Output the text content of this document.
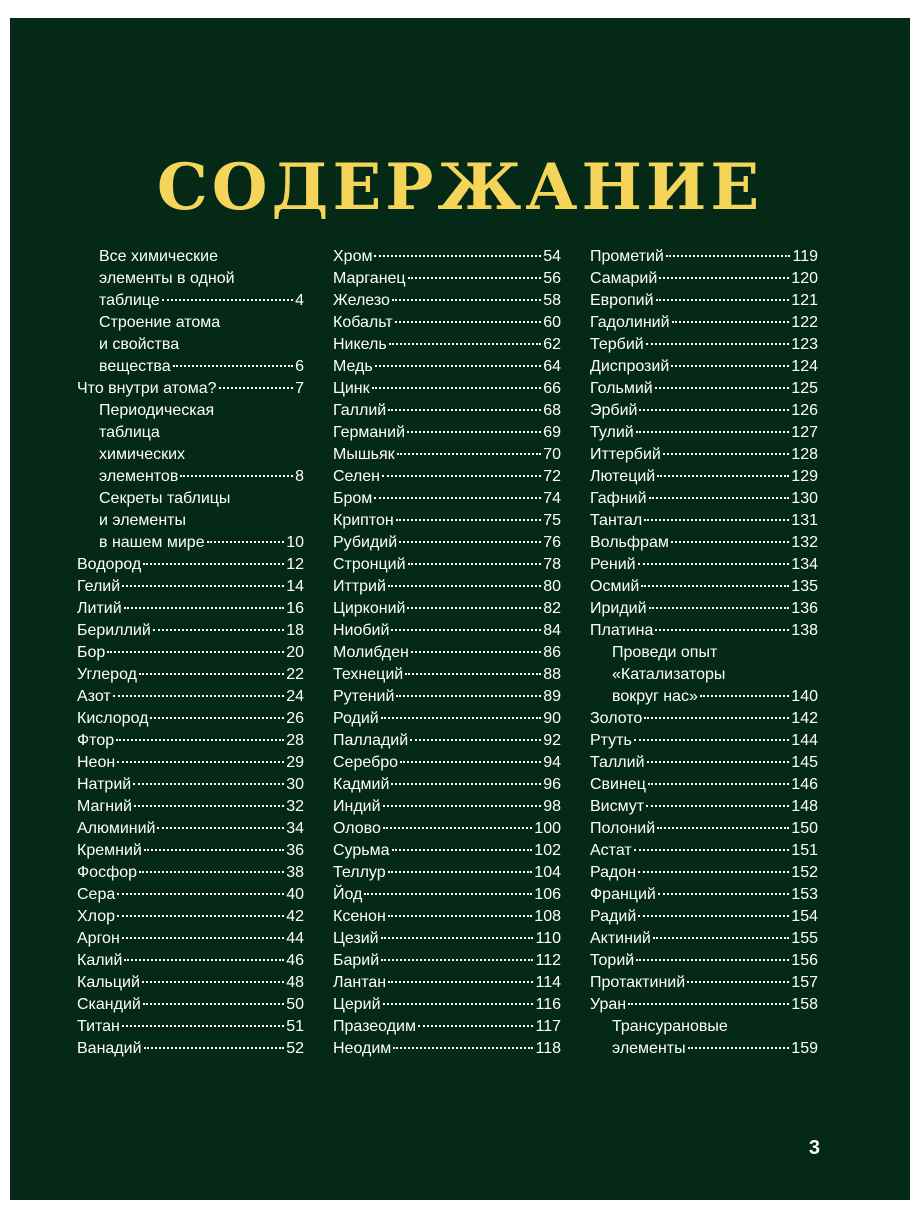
СОДЕРЖАНИЕ
Все химические
элементы в одной
таблице	4
Строение атома
и свойства
вещества	6
Что внутри атома?	7
Периодическая
таблица
химических
элементов	8
Секреты таблицы
и элементы
в нашем мире	10
Водород	12
Гелий	14
Литий	16
Бериллий	18
Бор	20
Углерод	22
Азот	24
Кислород	26
Фтор	28
Неон	29
Натрий	30
Магний	32
Алюминий	34
Кремний	36
Фосфор	38
Сера	40
Хлор	42
Аргон	44
Калий	46
Кальций	48
Скандий	50
Титан	51
Ванадий	52
Хром	54
Марганец	56
Железо	58
Кобальт	60
Никель	62
Медь	64
Цинк	66
Галлий	68
Германий	69
Мышьяк	70
Селен	72
Бром	74
Криптон	75
Рубидий	76
Стронций	78
Иттрий	80
Цирконий	82
Ниобий	84
Молибден	86
Технеций	88
Рутений	89
Родий	90
Палладий	92
Серебро	94
Кадмий	96
Индий	98
Олово	100
Сурьма	102
Теллур	104
Йод	106
Ксенон	108
Цезий	110
Барий	112
Лантан	114
Церий	116
Празеодим	117
Неодим	118
Прометий	119
Самарий	120
Европий	121
Гадолиний	122
Тербий	123
Диспрозий	124
Гольмий	125
Эрбий	126
Тулий	127
Иттербий	128
Лютеций	129
Гафний	130
Тантал	131
Вольфрам	132
Рений	134
Осмий	135
Иридий	136
Платина	138
Проведи опыт
«Катализаторы
вокруг нас»	140
Золото	142
Ртуть	144
Таллий	145
Свинец	146
Висмут	148
Полоний	150
Астат	151
Радон	152
Франций	153
Радий	154
Актиний	155
Торий	156
Протактиний	157
Уран	158
Трансурановые
элементы	159
3
